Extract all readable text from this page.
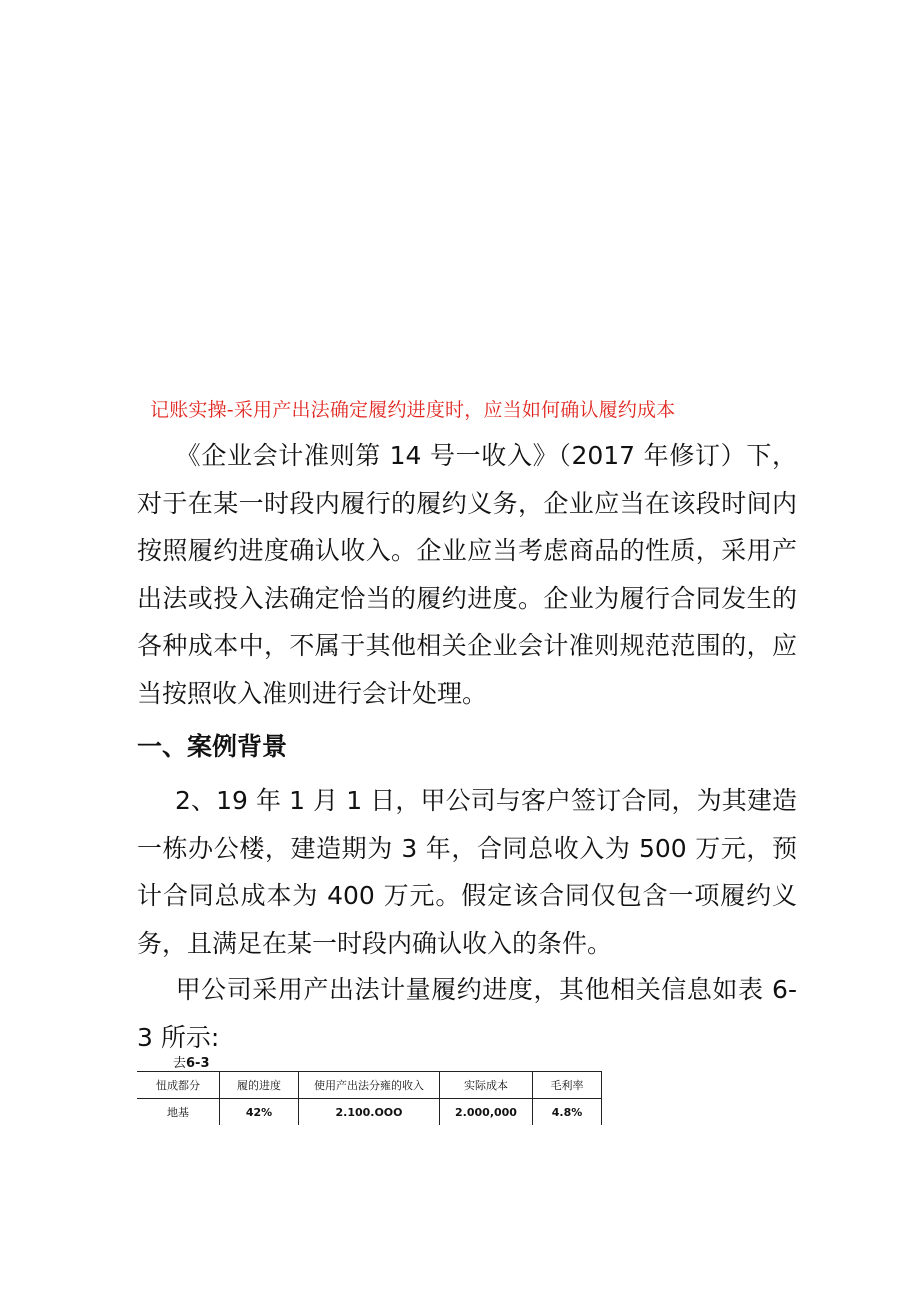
记账实操-采用产出法确定履约进度时，应当如何确认履约成本
《企业会计准则第 14 号一收入》（2017 年修订）下，对于在某一时段内履行的履约义务，企业应当在该段时间内按照履约进度确认收入。企业应当考虑商品的性质，采用产出法或投入法确定恰当的履约进度。企业为履行合同发生的各种成本中，不属于其他相关企业会计准则规范范围的，应当按照收入准则进行会计处理。
一、案例背景
2、19 年 1 月 1 日，甲公司与客户签订合同，为其建造一栋办公楼，建造期为 3 年，合同总收入为 500 万元，预计合同总成本为 400 万元。假定该合同仅包含一项履约义务，且满足在某一时段内确认收入的条件。
甲公司采用产出法计量履约进度，其他相关信息如表 6-3 所示:
去6-3
忸成都分	履的进度	使用产出法分雍的收入	实际成本	毛利率
地基	42%	2.100.OOO	2.000,000	4.8%
